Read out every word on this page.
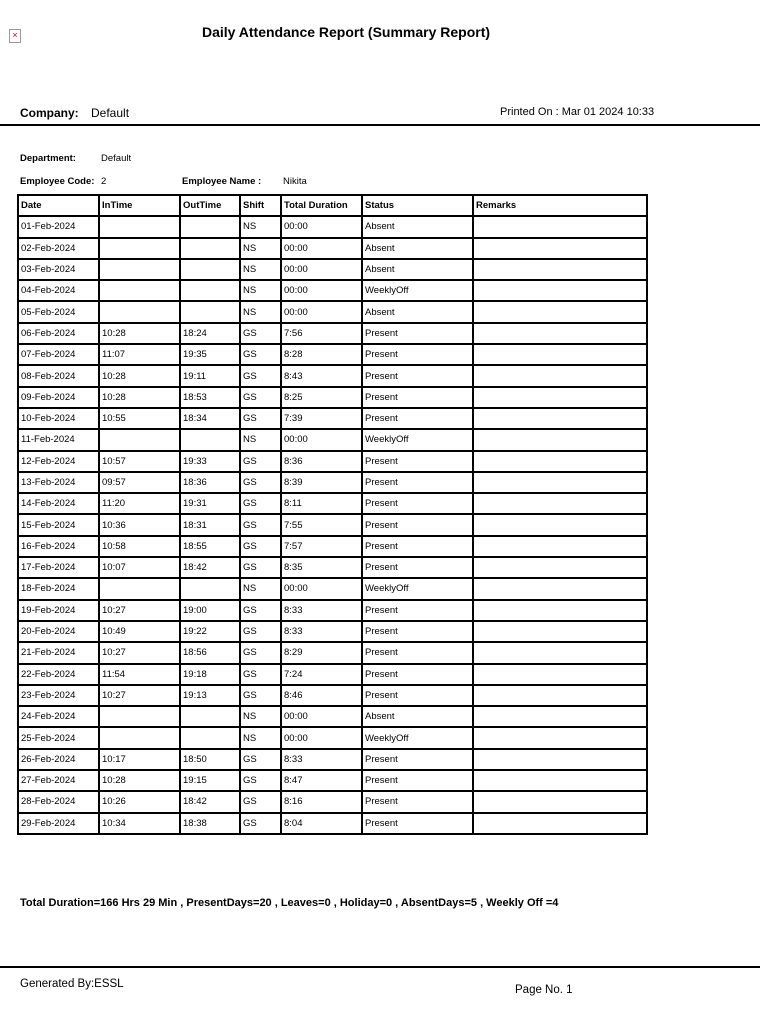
×	Daily Attendance Report (Summary Report)
Company: Default	Printed On : Mar 01 2024 10:33
Department:	Default
Employee Code: 2	Employee Name : Nikita
Date	InTime	OutTime	Shift	Total Duration	Status	Remarks
01-Feb-2024			NS	00:00	Absent	
02-Feb-2024			NS	00:00	Absent	
03-Feb-2024			NS	00:00	Absent	
04-Feb-2024			NS	00:00	WeeklyOff	
05-Feb-2024			NS	00:00	Absent	
06-Feb-2024	10:28	18:24	GS	7:56	Present	
07-Feb-2024	11:07	19:35	GS	8:28	Present	
08-Feb-2024	10:28	19:11	GS	8:43	Present	
09-Feb-2024	10:28	18:53	GS	8:25	Present	
10-Feb-2024	10:55	18:34	GS	7:39	Present	
11-Feb-2024			NS	00:00	WeeklyOff	
12-Feb-2024	10:57	19:33	GS	8:36	Present	
13-Feb-2024	09:57	18:36	GS	8:39	Present	
14-Feb-2024	11:20	19:31	GS	8:11	Present	
15-Feb-2024	10:36	18:31	GS	7:55	Present	
16-Feb-2024	10:58	18:55	GS	7:57	Present	
17-Feb-2024	10:07	18:42	GS	8:35	Present	
18-Feb-2024			NS	00:00	WeeklyOff	
19-Feb-2024	10:27	19:00	GS	8:33	Present	
20-Feb-2024	10:49	19:22	GS	8:33	Present	
21-Feb-2024	10:27	18:56	GS	8:29	Present	
22-Feb-2024	11:54	19:18	GS	7:24	Present	
23-Feb-2024	10:27	19:13	GS	8:46	Present	
24-Feb-2024			NS	00:00	Absent	
25-Feb-2024			NS	00:00	WeeklyOff	
26-Feb-2024	10:17	18:50	GS	8:33	Present	
27-Feb-2024	10:28	19:15	GS	8:47	Present	
28-Feb-2024	10:26	18:42	GS	8:16	Present	
29-Feb-2024	10:34	18:38	GS	8:04	Present	
Total Duration=166 Hrs 29 Min , PresentDays=20 , Leaves=0 , Holiday=0 , AbsentDays=5 , Weekly Off =4
Generated By:ESSL	Page No. 1
